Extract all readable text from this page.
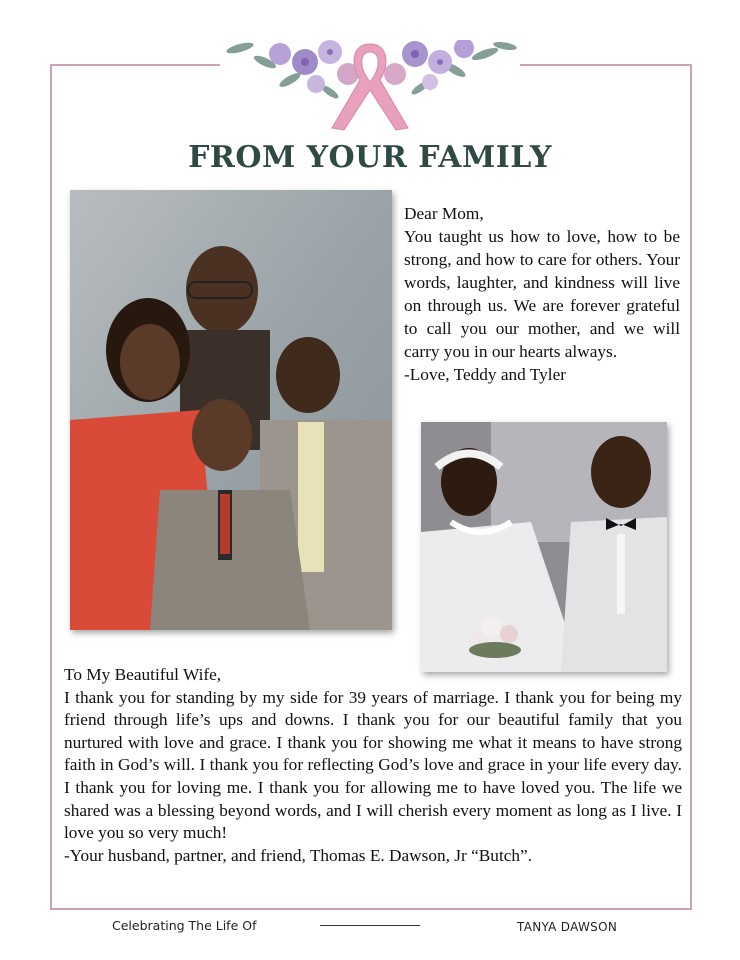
FROM YOUR FAMILY
Dear Mom,
You taught us how to love, how to be strong, and how to care for others. Your words, laughter, and kindness will live on through us. We are forever grateful to call you our mother, and we will carry you in our hearts always.
-Love, Teddy and Tyler
To My Beautiful Wife,
I thank you for standing by my side for 39 years of marriage. I thank you for being my friend through life’s ups and downs. I thank you for our beautiful family that you nurtured with love and grace. I thank you for showing me what it means to have strong faith in God’s will. I thank you for reflecting God’s love and grace in your life every day. I thank you for loving me. I thank you for allowing me to have loved you. The life we shared was a blessing beyond words, and I will cherish every moment as long as I live. I love you so very much!
-Your husband, partner, and friend, Thomas E. Dawson, Jr “Butch”.
Celebrating The Life Of	TANYA DAWSON
